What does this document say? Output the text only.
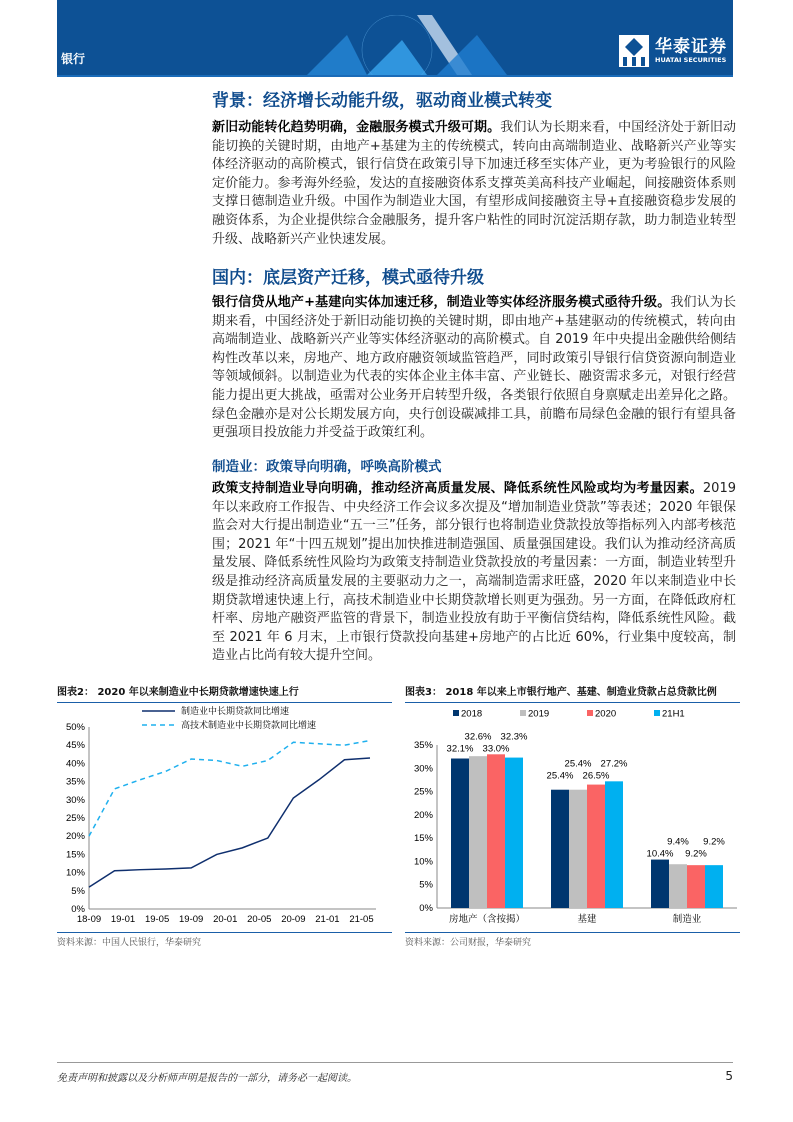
银行
华泰证券
HUATAI SECURITIES
背景：经济增长动能升级，驱动商业模式转变
新旧动能转化趋势明确，金融服务模式升级可期。我们认为长期来看，中国经济处于新旧动能切换的关键时期，由地产+基建为主的传统模式，转向由高端制造业、战略新兴产业等实体经济驱动的高阶模式，银行信贷在政策引导下加速迁移至实体产业，更为考验银行的风险定价能力。参考海外经验，发达的直接融资体系支撑英美高科技产业崛起，间接融资体系则支撑日德制造业升级。中国作为制造业大国，有望形成间接融资主导+直接融资稳步发展的融资体系，为企业提供综合金融服务，提升客户粘性的同时沉淀活期存款，助力制造业转型升级、战略新兴产业快速发展。
国内：底层资产迁移，模式亟待升级
银行信贷从地产+基建向实体加速迁移，制造业等实体经济服务模式亟待升级。我们认为长期来看，中国经济处于新旧动能切换的关键时期，即由地产+基建驱动的传统模式，转向由高端制造业、战略新兴产业等实体经济驱动的高阶模式。自 2019 年中央提出金融供给侧结构性改革以来，房地产、地方政府融资领域监管趋严，同时政策引导银行信贷资源向制造业等领域倾斜。以制造业为代表的实体企业主体丰富、产业链长、融资需求多元，对银行经营能力提出更大挑战，亟需对公业务开启转型升级，各类银行依照自身禀赋走出差异化之路。绿色金融亦是对公长期发展方向，央行创设碳减排工具，前瞻布局绿色金融的银行有望具备更强项目投放能力并受益于政策红利。
制造业：政策导向明确，呼唤高阶模式
政策支持制造业导向明确，推动经济高质量发展、降低系统性风险或均为考量因素。2019 年以来政府工作报告、中央经济工作会议多次提及“增加制造业贷款”等表述；2020 年银保监会对大行提出制造业“五一三”任务，部分银行也将制造业贷款投放等指标列入内部考核范围；2021 年“十四五规划”提出加快推进制造强国、质量强国建设。我们认为推动经济高质量发展、降低系统性风险均为政策支持制造业贷款投放的考量因素：一方面，制造业转型升级是推动经济高质量发展的主要驱动力之一，高端制造需求旺盛，2020 年以来制造业中长期贷款增速快速上行，高技术制造业中长期贷款增长则更为强劲。另一方面，在降低政府杠杆率、房地产融资严监管的背景下，制造业投放有助于平衡信贷结构，降低系统性风险。截至 2021 年 6 月末，上市银行贷款投向基建+房地产的占比近 60%，行业集中度较高，制造业占比尚有较大提升空间。
图表2： 2020 年以来制造业中长期贷款增速快速上行
0%
5%
10%
15%
20%
25%
30%
35%
40%
45%
50%
18-09 19-01 19-05 19-09 20-01 20-05 20-09 21-01 21-05
制造业中长期贷款同比增速
高技术制造业中长期贷款同比增速
资料来源：中国人民银行，华泰研究
图表3： 2018 年以来上市银行地产、基建、制造业贷款占总贷款比例
0%
5%
10%
15%
20%
25%
30%
35%
房地产（含按揭）
32.1%
32.6%
33.0%
32.3%
基建
25.4%
25.4%
26.5%
27.2%
制造业
10.4%
9.4%
9.2%
9.2%
2018	2019	2020	21H1
资料来源：公司财报，华泰研究
免责声明和披露以及分析师声明是报告的一部分，请务必一起阅读。	5
